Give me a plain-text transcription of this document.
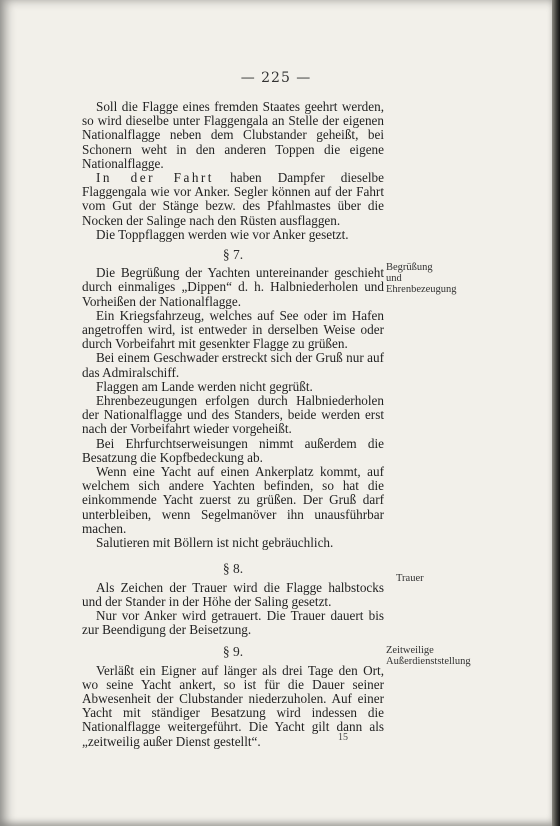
— 225 —

Soll die Flagge eines fremden Staates geehrt werden, so wird dieselbe unter Flaggengala an Stelle der eigenen Nationalflagge neben dem Clubstander geheißt, bei Schonern weht in den anderen Toppen die eigene Nationalflagge.

In der Fahrt haben Dampfer dieselbe Flaggengala wie vor Anker. Segler können auf der Fahrt vom Gut der Stänge bezw. des Pfahlmastes über die Nocken der Salinge nach den Rüsten ausflaggen.

Die Toppflaggen werden wie vor Anker gesetzt.

§ 7.

Die Begrüßung der Yachten untereinander geschieht durch einmaliges „Dippen“ d. h. Halbniederholen und Vorheißen der Nationalflagge.

Ein Kriegsfahrzeug, welches auf See oder im Hafen angetroffen wird, ist entweder in derselben Weise oder durch Vorbeifahrt mit gesenkter Flagge zu grüßen.

Bei einem Geschwader erstreckt sich der Gruß nur auf das Admiralschiff.

Flaggen am Lande werden nicht gegrüßt.

Ehrenbezeugungen erfolgen durch Halbniederholen der Nationalflagge und des Standers, beide werden erst nach der Vorbeifahrt wieder vorgeheißt.

Bei Ehrfurchtserweisungen nimmt außerdem die Besatzung die Kopfbedeckung ab.

Wenn eine Yacht auf einen Ankerplatz kommt, auf welchem sich andere Yachten befinden, so hat die einkommende Yacht zuerst zu grüßen. Der Gruß darf unterbleiben, wenn Segelmanöver ihn unausführbar machen.

Salutieren mit Böllern ist nicht gebräuchlich.

§ 8.

Als Zeichen der Trauer wird die Flagge halbstocks und der Stander in der Höhe der Saling gesetzt.

Nur vor Anker wird getrauert. Die Trauer dauert bis zur Beendigung der Beisetzung.

§ 9.

Verläßt ein Eigner auf länger als drei Tage den Ort, wo seine Yacht ankert, so ist für die Dauer seiner Abwesenheit der Clubstander niederzuholen. Auf einer Yacht mit ständiger Besatzung wird indessen die Nationalflagge weitergeführt. Die Yacht gilt dann als „zeitweilig außer Dienst gestellt“.

Begrüßung und Ehrenbezeugung
Trauer
Zeitweilige Außerdienststellung
15
